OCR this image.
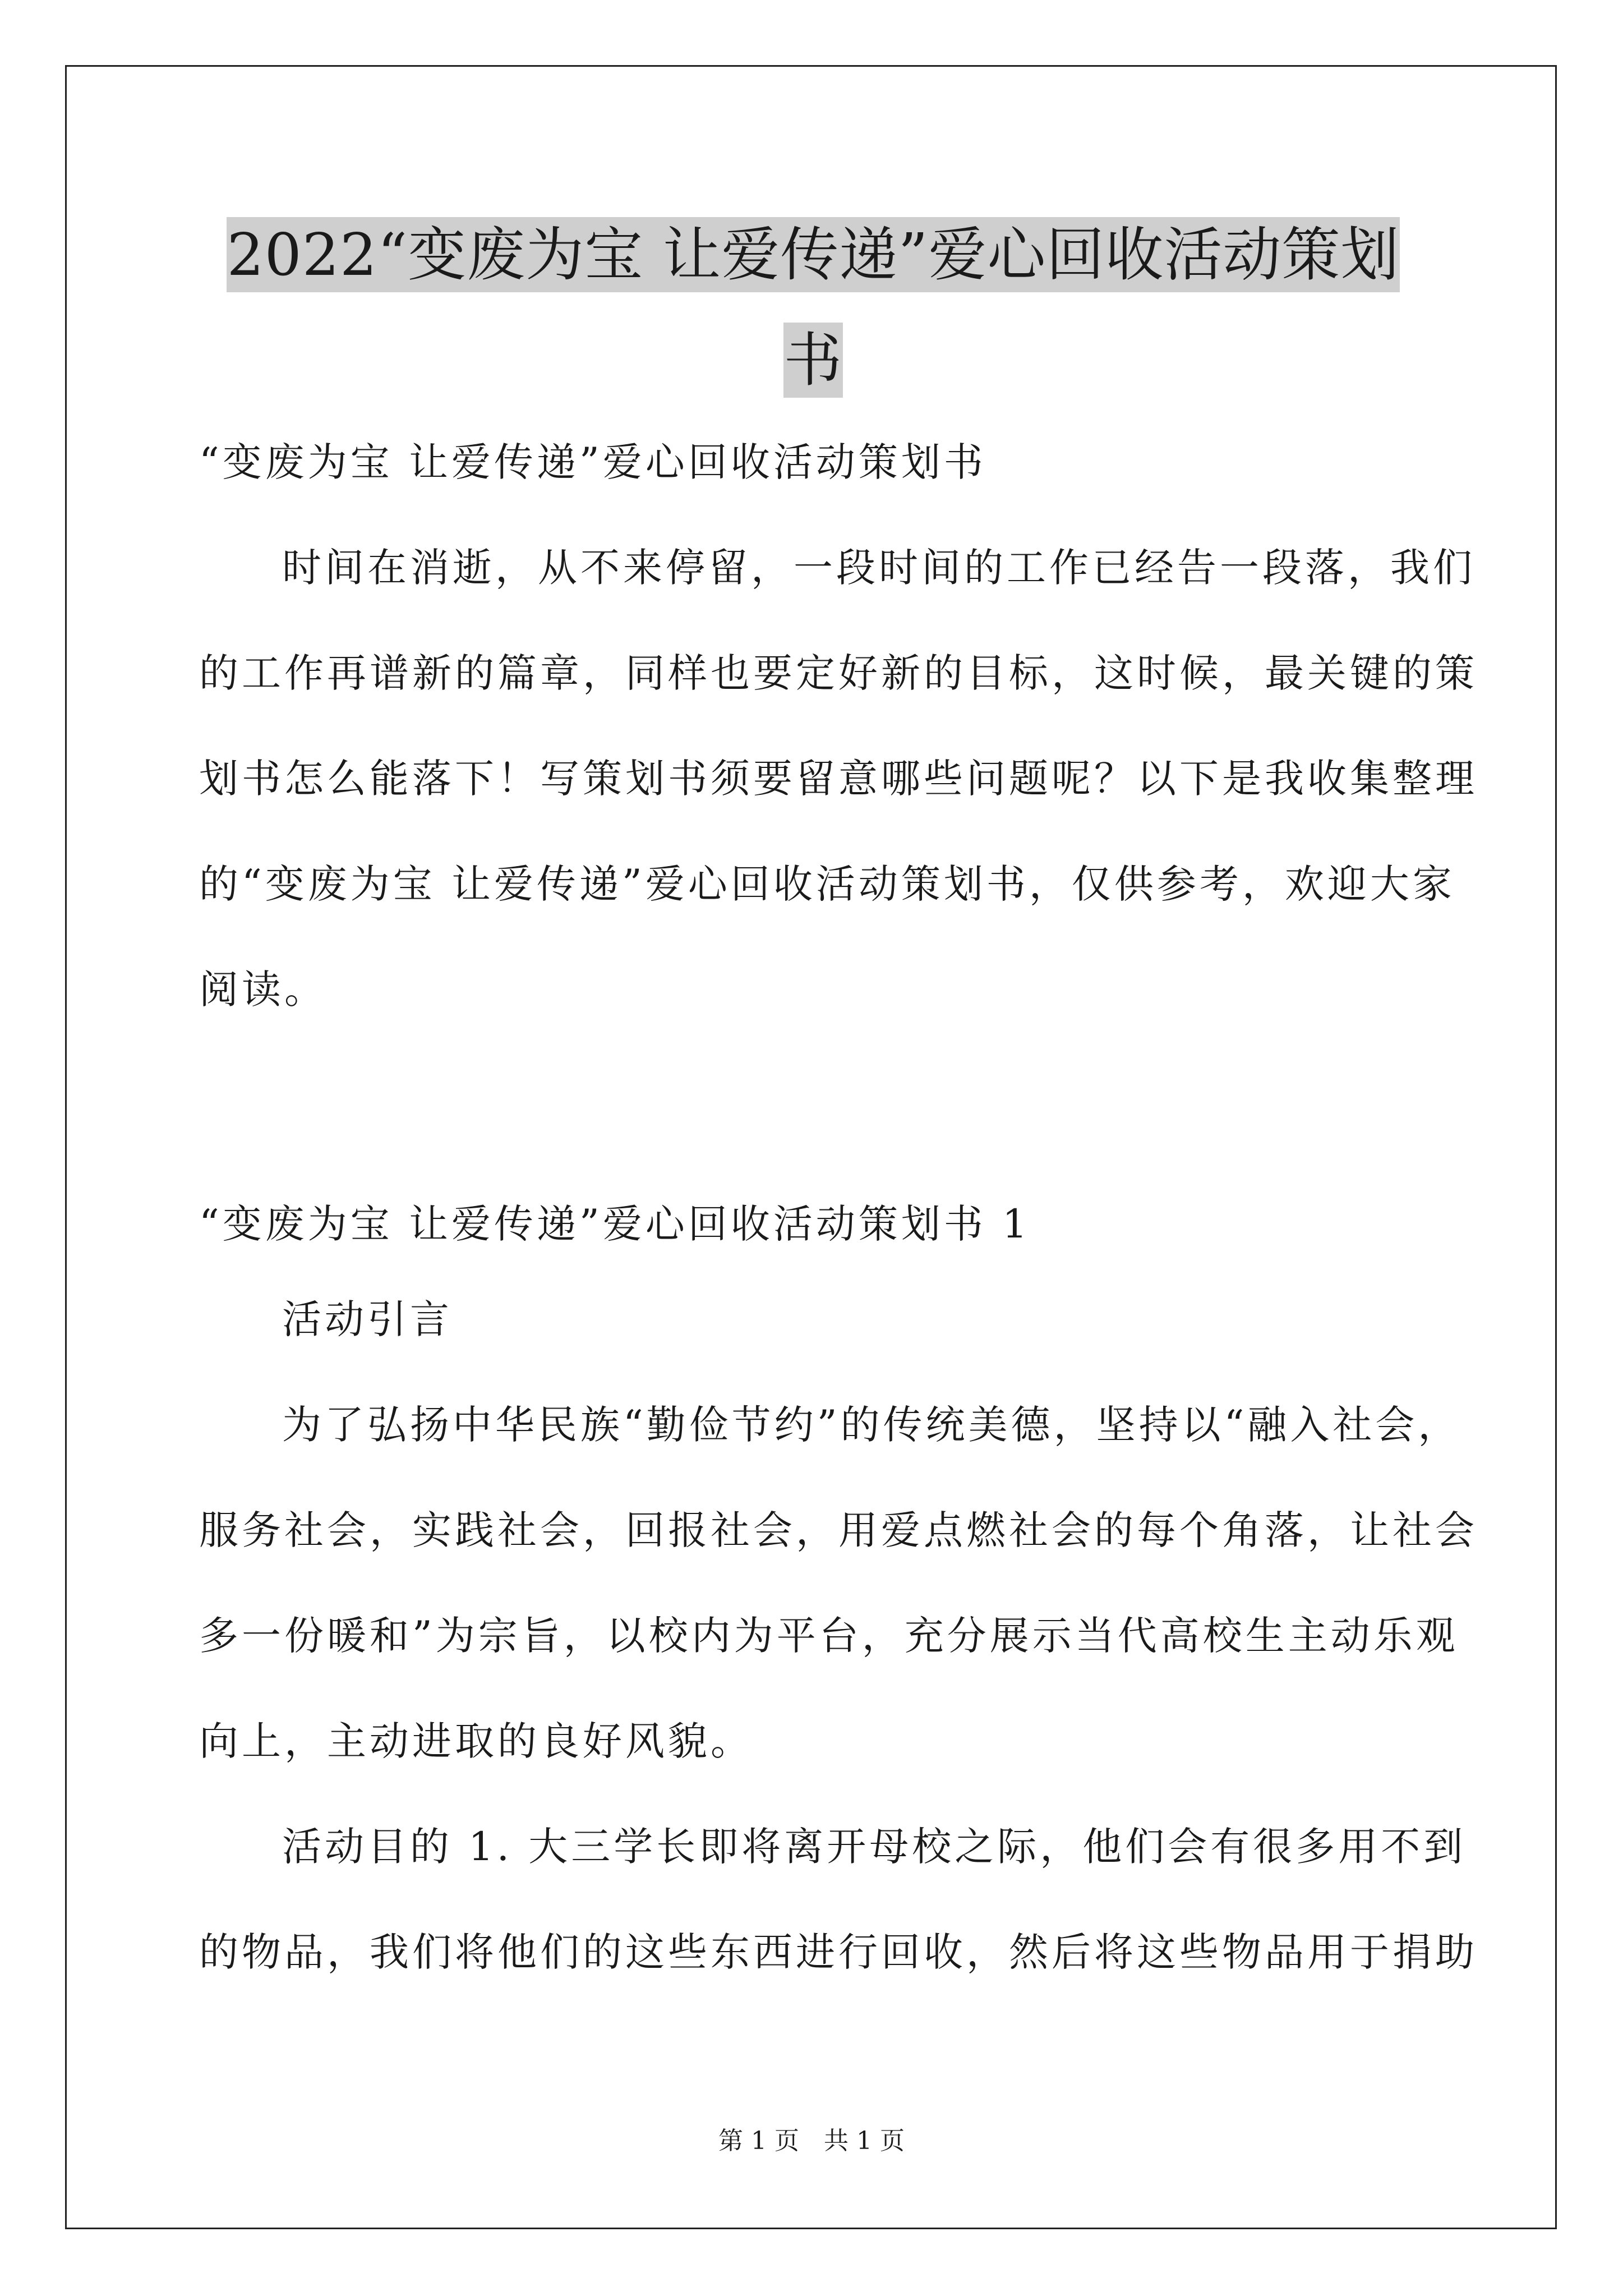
2022“变废为宝 让爱传递”爱心回收活动策划
书

“变废为宝 让爱传递”爱心回收活动策划书

时间在消逝，从不来停留，一段时间的工作已经告一段落，我们
的工作再谱新的篇章，同样也要定好新的目标，这时候，最关键的策
划书怎么能落下！写策划书须要留意哪些问题呢？以下是我收集整理
的“变废为宝 让爱传递”爱心回收活动策划书，仅供参考，欢迎大家
阅读。

“变废为宝 让爱传递”爱心回收活动策划书 1

活动引言

为了弘扬中华民族“勤俭节约”的传统美德，坚持以“融入社会，
服务社会，实践社会，回报社会，用爱点燃社会的每个角落，让社会
多一份暖和”为宗旨，以校内为平台，充分展示当代高校生主动乐观
向上，主动进取的良好风貌。

活动目的 1. 大三学长即将离开母校之际，他们会有很多用不到
的物品，我们将他们的这些东西进行回收，然后将这些物品用于捐助

第 1 页　共 1 页
